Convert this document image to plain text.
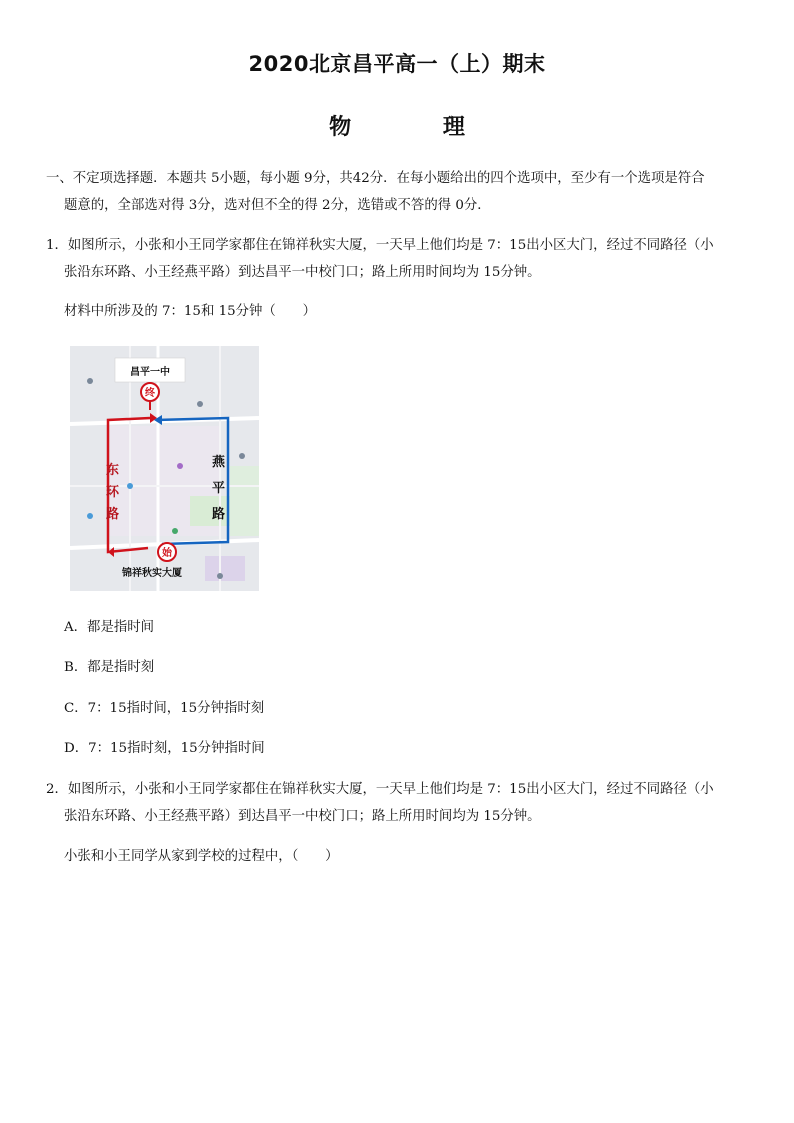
2020北京昌平高一（上）期末
物 理
一、不定项选择题．本题共 5小题，每小题 9分，共42分．在每小题给出的四个选项中，至少有一个选项是符合
题意的，全部选对得 3分，选对但不全的得 2分，选错或不答的得 0分．
1．如图所示，小张和小王同学家都住在锦祥秋实大厦，一天早上他们均是 7：15出小区大门，经过不同路径（小
张沿东环路、小王经燕平路）到达昌平一中校门口；路上所用时间均为 15分钟。
材料中所涉及的 7：15和 15分钟（　　）
昌平一中
终
始
锦祥秋实大厦
东
环
路
燕
平
路
A．都是指时间
B．都是指时刻
C．7：15指时间，15分钟指时刻
D．7：15指时刻，15分钟指时间
2．如图所示，小张和小王同学家都住在锦祥秋实大厦，一天早上他们均是 7：15出小区大门，经过不同路径（小
张沿东环路、小王经燕平路）到达昌平一中校门口；路上所用时间均为 15分钟。
小张和小王同学从家到学校的过程中，（　　）
